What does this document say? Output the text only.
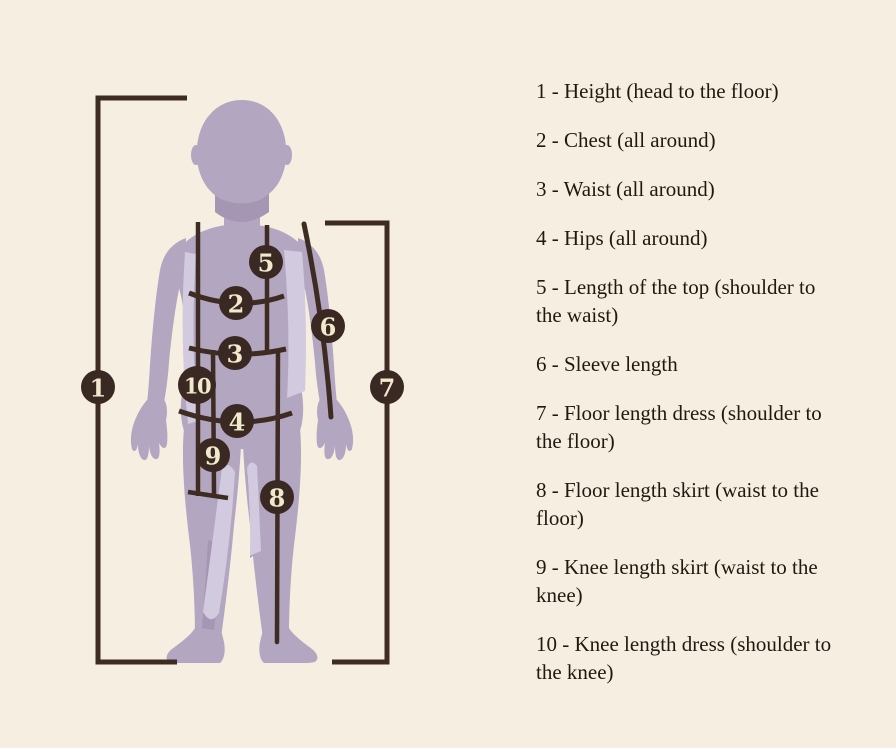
1
2
3
4
5
6
7
8
9
10

1 - Height (head to the floor)

2 - Chest (all around)

3 - Waist (all around)

4 - Hips (all around)

5 - Length of the top (shoulder to the waist)

6 - Sleeve length

7 - Floor length dress (shoulder to the floor)

8 - Floor length skirt (waist to the floor)

9 - Knee length skirt (waist to the knee)

10 - Knee length dress (shoulder to the knee)
